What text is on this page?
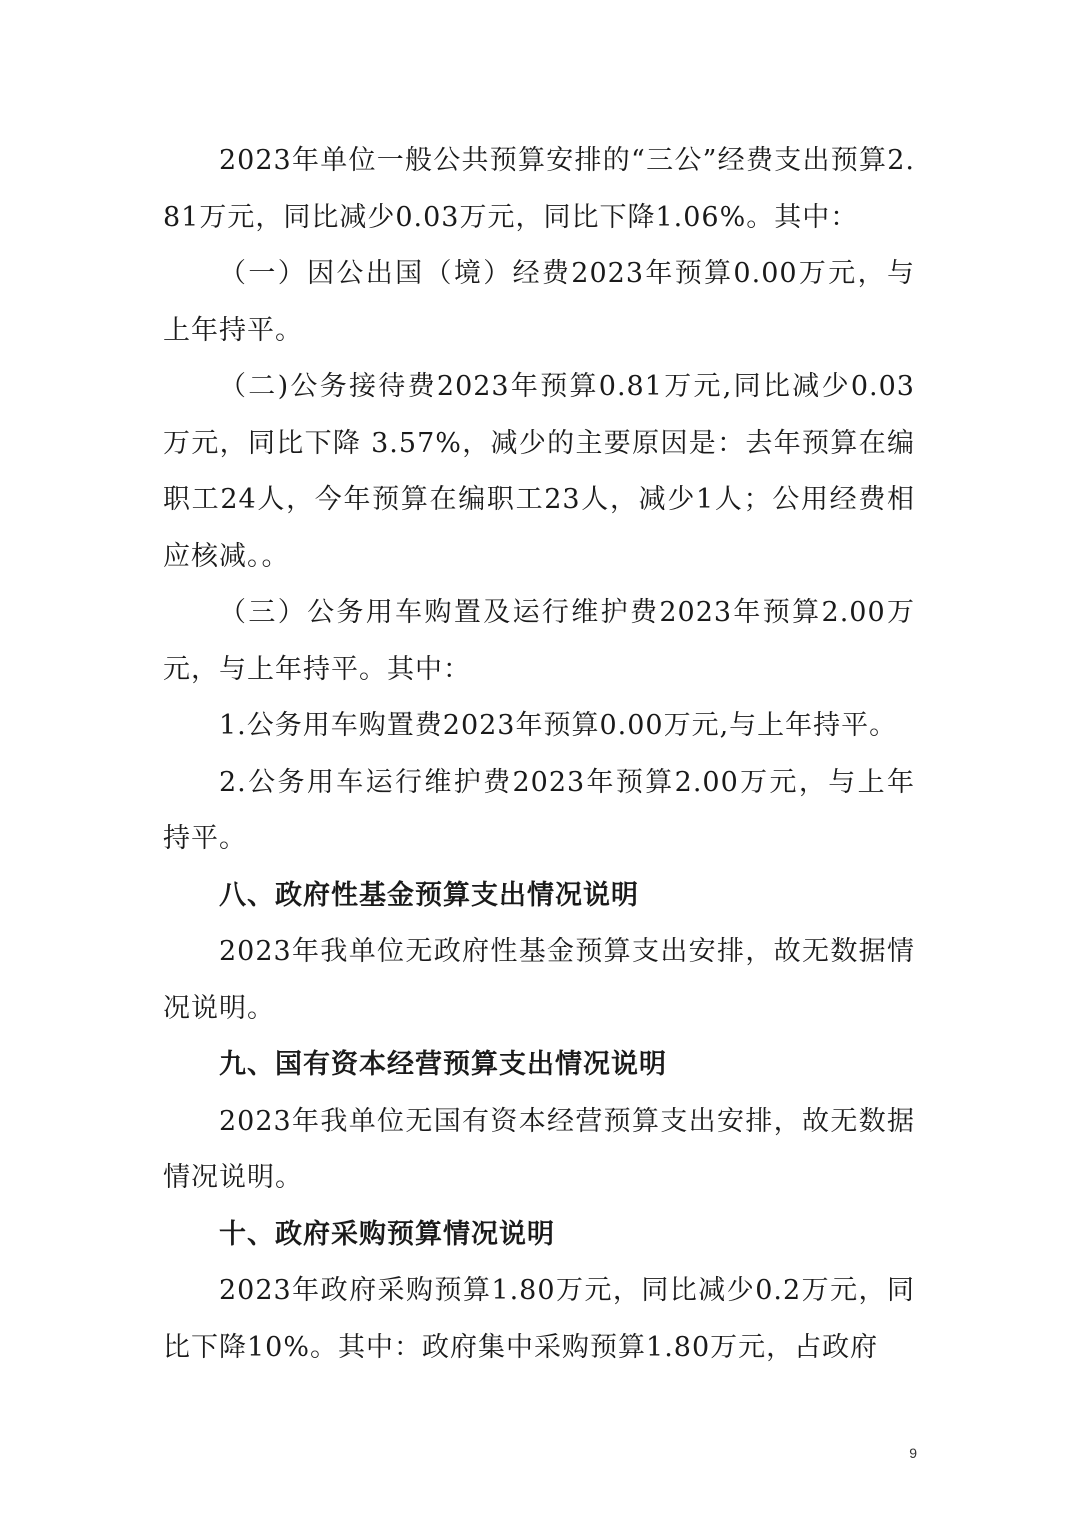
2023年单位一般公共预算安排的“三公”经费支出预算2.81万元，同比减少0.03万元，同比下降1.06%。其中：

（一）因公出国（境）经费2023年预算0.00万元，与上年持平。

（二)公务接待费2023年预算0.81万元,同比减少0.03万元，同比下降 3.57%，减少的主要原因是：去年预算在编职工24人，今年预算在编职工23人，减少1人；公用经费相应核减。。

（三）公务用车购置及运行维护费2023年预算2.00万元，与上年持平。其中：

1.公务用车购置费2023年预算0.00万元,与上年持平。

2.公务用车运行维护费2023年预算2.00万元，与上年持平。

八、政府性基金预算支出情况说明

2023年我单位无政府性基金预算支出安排，故无数据情况说明。

九、国有资本经营预算支出情况说明

2023年我单位无国有资本经营预算支出安排，故无数据情况说明。

十、政府采购预算情况说明

2023年政府采购预算1.80万元，同比减少0.2万元，同比下降10%。其中：政府集中采购预算1.80万元，占政府

9
